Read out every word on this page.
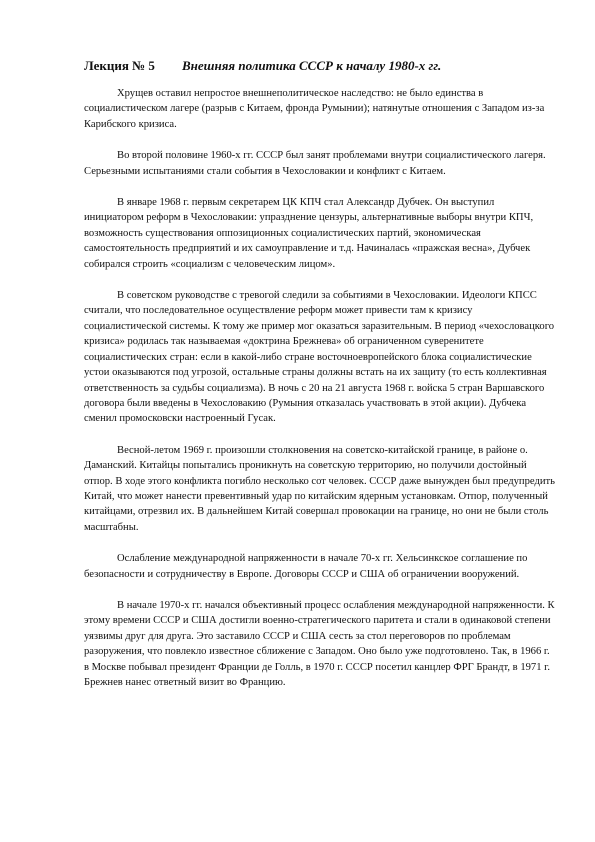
Лекция № 5 Внешняя политика СССР к началу 1980-х гг.

Хрущев оставил непростое внешнеполитическое наследство: не было единства в социалистическом лагере (разрыв с Китаем, фронда Румынии); натянутые отношения с Западом из-за Карибского кризиса.

Во второй половине 1960-х гг. СССР был занят проблемами внутри социалистического лагеря. Серьезными испытаниями стали события в Чехословакии и конфликт с Китаем.

В январе 1968 г. первым секретарем ЦК КПЧ стал Александр Дубчек. Он выступил инициатором реформ в Чехословакии: упразднение цензуры, альтернативные выборы внутри КПЧ, возможность существования оппозиционных социалистических партий, экономическая самостоятельность предприятий и их самоуправление и т.д. Начиналась «пражская весна», Дубчек собирался строить «социализм с человеческим лицом».

В советском руководстве с тревогой следили за событиями в Чехословакии. Идеологи КПСС считали, что последовательное осуществление реформ может привести там к кризису социалистической системы. К тому же пример мог оказаться заразительным. В период «чехословацкого кризиса» родилась так называемая «доктрина Брежнева» об ограниченном суверенитете социалистических стран: если в какой-либо стране восточноевропейского блока социалистические устои оказываются под угрозой, остальные страны должны встать на их защиту (то есть коллективная ответственность за судьбы социализма). В ночь с 20 на 21 августа 1968 г. войска 5 стран Варшавского договора были введены в Чехословакию (Румыния отказалась участвовать в этой акции). Дубчека сменил промосковски настроенный Гусак.

Весной-летом 1969 г. произошли столкновения на советско-китайской границе, в районе о. Даманский. Китайцы попытались проникнуть на советскую территорию, но получили достойный отпор. В ходе этого конфликта погибло несколько сот человек. СССР даже вынужден был предупредить Китай, что может нанести превентивный удар по китайским ядерным установкам. Отпор, полученный китайцами, отрезвил их. В дальнейшем Китай совершал провокации на границе, но они не были столь масштабны.

Ослабление международной напряженности в начале 70-х гг. Хельсинкское соглашение по безопасности и сотрудничеству в Европе. Договоры СССР и США об ограничении вооружений.

В начале 1970-х гг. начался объективный процесс ослабления международной напряженности. К этому времени СССР и США достигли военно-стратегического паритета и стали в одинаковой степени уязвимы друг для друга. Это заставило СССР и США сесть за стол переговоров по проблемам разоружения, что повлекло известное сближение с Западом. Оно было уже подготовлено. Так, в 1966 г. в Москве побывал президент Франции де Голль, в 1970 г. СССР посетил канцлер ФРГ Брандт, в 1971 г. Брежнев нанес ответный визит во Францию.
